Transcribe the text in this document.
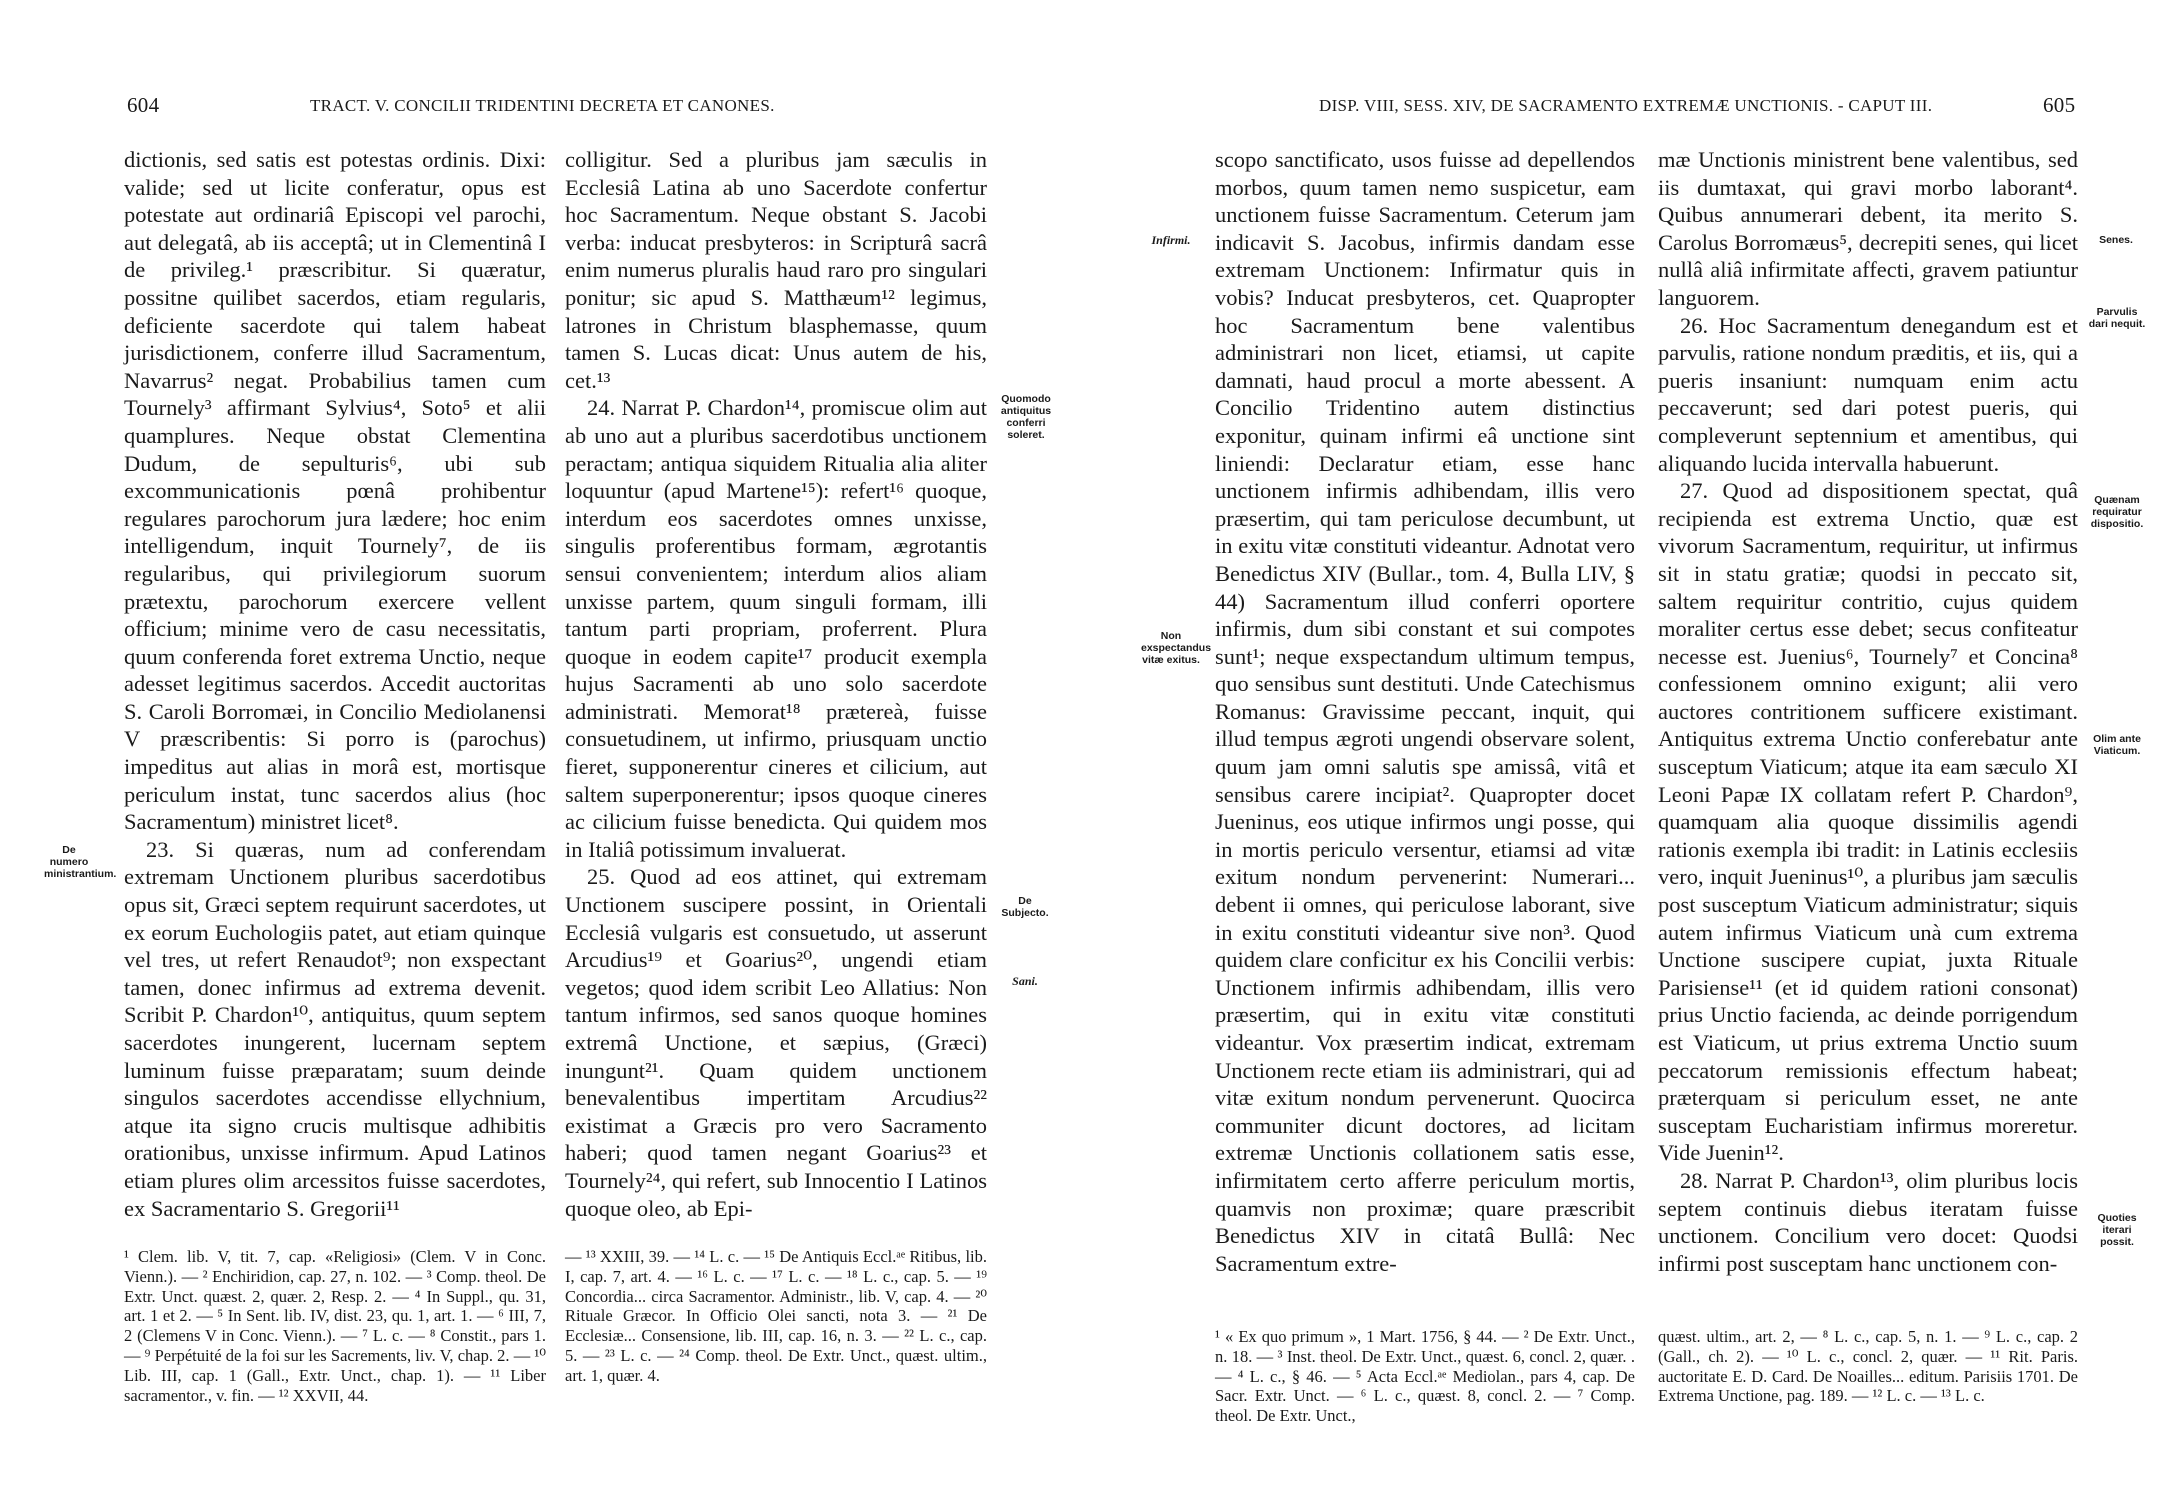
604	TRACT. V. CONCILII TRIDENTINI DECRETA ET CANONES.

dictionis, sed satis est potestas ordinis. Dixi: valide; sed ut licite conferatur, opus est potestate aut ordinariâ Episcopi vel parochi, aut delegatâ, ab iis acceptâ; ut in Clementinâ I de privileg.¹ præscribitur. Si quæratur, possitne quilibet sacerdos, etiam regularis, deficiente sacerdote qui talem habeat jurisdictionem, conferre illud Sacramentum, Navarrus² negat. Probabilius tamen cum Tournely³ affirmant Sylvius⁴, Soto⁵ et alii quamplures. Neque obstat Clementina Dudum, de sepulturis⁶, ubi sub excommunicationis pœnâ prohibentur regulares parochorum jura lædere; hoc enim intelligendum, inquit Tournely⁷, de iis regularibus, qui privilegiorum suorum prætextu, parochorum exercere vellent officium; minime vero de casu necessitatis, quum conferenda foret extrema Unctio, neque adesset legitimus sacerdos. Accedit auctoritas S. Caroli Borromæi, in Concilio Mediolanensi V præscribentis: Si porro is (parochus) impeditus aut alias in morâ est, mortisque periculum instat, tunc sacerdos alius (hoc Sacramentum) ministret licet⁸.

23. Si quæras, num ad conferendam extremam Unctionem pluribus sacerdotibus opus sit, Græci septem requirunt sacerdotes, ut ex eorum Euchologiis patet, aut etiam quinque vel tres, ut refert Renaudot⁹; non exspectant tamen, donec infirmus ad extrema devenit. Scribit P. Chardon¹⁰, antiquitus, quum septem sacerdotes inungerent, lucernam septem luminum fuisse præparatam; suum deinde singulos sacerdotes accendisse ellychnium, atque ita signo crucis multisque adhibitis orationibus, unxisse infirmum. Apud Latinos etiam plures olim arcessitos fuisse sacerdotes, ex Sacramentario S. Gregorii¹¹

¹ Clem. lib. V, tit. 7, cap. «Religiosi» (Clem. V in Conc. Vienn.). — ² Enchiridion, cap. 27, n. 102. — ³ Comp. theol. De Extr. Unct. quæst. 2, quær. 2, Resp. 2. — ⁴ In Suppl., qu. 31, art. 1 et 2. — ⁵ In Sent. lib. IV, dist. 23, qu. 1, art. 1. — ⁶ III, 7, 2 (Clemens V in Conc. Vienn.). — ⁷ L. c. — ⁸ Constit., pars 1. — ⁹ Perpétuité de la foi sur les Sacrements, liv. V, chap. 2. — ¹⁰ Lib. III, cap. 1 (Gall., Extr. Unct., chap. 1). — ¹¹ Liber sacramentor., v. fin. — ¹² XXVII, 44.

colligitur. Sed a pluribus jam sæculis in Ecclesiâ Latina ab uno Sacerdote confertur hoc Sacramentum. Neque obstant S. Jacobi verba: inducat presbyteros: in Scripturâ sacrâ enim numerus pluralis haud raro pro singulari ponitur; sic apud S. Matthæum¹² legimus, latrones in Christum blasphemasse, quum tamen S. Lucas dicat: Unus autem de his, cet.¹³

24. Narrat P. Chardon¹⁴, promiscue olim aut ab uno aut a pluribus sacerdotibus unctionem peractam; antiqua siquidem Ritualia alia aliter loquuntur (apud Martene¹⁵): refert¹⁶ quoque, interdum eos sacerdotes omnes unxisse, singulis proferentibus formam, ægrotantis sensui convenientem; interdum alios aliam unxisse partem, quum singuli formam, illi tantum parti propriam, proferrent. Plura quoque in eodem capite¹⁷ producit exempla hujus Sacramenti ab uno solo sacerdote administrati. Memorat¹⁸ prætereà, fuisse consuetudinem, ut infirmo, priusquam unctio fieret, supponerentur cineres et cilicium, aut saltem superponerentur; ipsos quoque cineres ac cilicium fuisse benedicta. Qui quidem mos in Italiâ potissimum invaluerat.

25. Quod ad eos attinet, qui extremam Unctionem suscipere possint, in Orientali Ecclesiâ vulgaris est consuetudo, ut asserunt Arcudius¹⁹ et Goarius²⁰, ungendi etiam vegetos; quod idem scribit Leo Allatius: Non tantum infirmos, sed sanos quoque homines extremâ Unctione, et sæpius, (Græci) inungunt²¹. Quam quidem unctionem benevalentibus impertitam Arcudius²² existimat a Græcis pro vero Sacramento haberi; quod tamen negant Goarius²³ et Tournely²⁴, qui refert, sub Innocentio I Latinos quoque oleo, ab Epi-

— ¹³ XXIII, 39. — ¹⁴ L. c. — ¹⁵ De Antiquis Eccl.ᵃᵉ Ritibus, lib. I, cap. 7, art. 4. — ¹⁶ L. c. — ¹⁷ L. c. — ¹⁸ L. c., cap. 5. — ¹⁹ Concordia... circa Sacramentor. Administr., lib. V, cap. 4. — ²⁰ Rituale Græcor. In Officio Olei sancti, nota 3. — ²¹ De Ecclesiæ... Consensione, lib. III, cap. 16, n. 3. — ²² L. c., cap. 5. — ²³ L. c. — ²⁴ Comp. theol. De Extr. Unct., quæst. ultim., art. 1, quær. 4.
De numero ministrantium.
Quomodo antiquitus conferri soleret.
De Subjecto.
Sani.
DISP. VIII, SESS. XIV, DE SACRAMENTO EXTREMÆ UNCTIONIS. - CAPUT III.	605

scopo sanctificato, usos fuisse ad depellendos morbos, quum tamen nemo suspicetur, eam unctionem fuisse Sacramentum. Ceterum jam indicavit S. Jacobus, infirmis dandam esse extremam Unctionem: Infirmatur quis in vobis? Inducat presbyteros, cet. Quapropter hoc Sacramentum bene valentibus administrari non licet, etiamsi, ut capite damnati, haud procul a morte abessent. A Concilio Tridentino autem distinctius exponitur, quinam infirmi eâ unctione sint liniendi: Declaratur etiam, esse hanc unctionem infirmis adhibendam, illis vero præsertim, qui tam periculose decumbunt, ut in exitu vitæ constituti videantur. Adnotat vero Benedictus XIV (Bullar., tom. 4, Bulla LIV, § 44) Sacramentum illud conferri oportere infirmis, dum sibi constant et sui compotes sunt¹; neque exspectandum ultimum tempus, quo sensibus sunt destituti. Unde Catechismus Romanus: Gravissime peccant, inquit, qui illud tempus ægroti ungendi observare solent, quum jam omni salutis spe amissâ, vitâ et sensibus carere incipiat². Quapropter docet Jueninus, eos utique infirmos ungi posse, qui in mortis periculo versentur, etiamsi ad vitæ exitum nondum pervenerint: Numerari... debent ii omnes, qui periculose laborant, sive in exitu constituti videantur sive non³. Quod quidem clare conficitur ex his Concilii verbis: Unctionem infirmis adhibendam, illis vero præsertim, qui in exitu vitæ constituti videantur. Vox præsertim indicat, extremam Unctionem recte etiam iis administrari, qui ad vitæ exitum nondum pervenerunt. Quocirca communiter dicunt doctores, ad licitam extremæ Unctionis collationem satis esse, infirmitatem certo afferre periculum mortis, quamvis non proximæ; quare præscribit Benedictus XIV in citatâ Bullâ: Nec Sacramentum extre-

¹ « Ex quo primum », 1 Mart. 1756, § 44. — ² De Extr. Unct., n. 18. — ³ Inst. theol. De Extr. Unct., quæst. 6, concl. 2, quær. . — ⁴ L. c., § 46. — ⁵ Acta Eccl.ᵃᵉ Mediolan., pars 4, cap. De Sacr. Extr. Unct. — ⁶ L. c., quæst. 8, concl. 2. — ⁷ Comp. theol. De Extr. Unct.,

mæ Unctionis ministrent bene valentibus, sed iis dumtaxat, qui gravi morbo laborant⁴. Quibus annumerari debent, ita merito S. Carolus Borromæus⁵, decrepiti senes, qui licet nullâ aliâ infirmitate affecti, gravem patiuntur languorem.

26. Hoc Sacramentum denegandum est et parvulis, ratione nondum præditis, et iis, qui a pueris insaniunt: numquam enim actu peccaverunt; sed dari potest pueris, qui compleverunt septennium et amentibus, qui aliquando lucida intervalla habuerunt.

27. Quod ad dispositionem spectat, quâ recipienda est extrema Unctio, quæ est vivorum Sacramentum, requiritur, ut infirmus sit in statu gratiæ; quodsi in peccato sit, saltem requiritur contritio, cujus quidem moraliter certus esse debet; secus confiteatur necesse est. Juenius⁶, Tournely⁷ et Concina⁸ confessionem omnino exigunt; alii vero auctores contritionem sufficere existimant. Antiquitus extrema Unctio conferebatur ante susceptum Viaticum; atque ita eam sæculo XI Leoni Papæ IX collatam refert P. Chardon⁹, quamquam alia quoque dissimilis agendi rationis exempla ibi tradit: in Latinis ecclesiis vero, inquit Jueninus¹⁰, a pluribus jam sæculis post susceptum Viaticum administratur; siquis autem infirmus Viaticum unà cum extrema Unctione suscipere cupiat, juxta Rituale Parisiense¹¹ (et id quidem rationi consonat) prius Unctio facienda, ac deinde porrigendum est Viaticum, ut prius extrema Unctio suum peccatorum remissionis effectum habeat; præterquam si periculum esset, ne ante susceptam Eucharistiam infirmus moreretur. Vide Juenin¹².

28. Narrat P. Chardon¹³, olim pluribus locis septem continuis diebus iteratam fuisse unctionem. Concilium vero docet: Quodsi infirmi post susceptam hanc unctionem con-

quæst. ultim., art. 2, — ⁸ L. c., cap. 5, n. 1. — ⁹ L. c., cap. 2 (Gall., ch. 2). — ¹⁰ L. c., concl. 2, quær. — ¹¹ Rit. Paris. auctoritate E. D. Card. De Noailles... editum. Parisiis 1701. De Extrema Unctione, pag. 189. — ¹² L. c. — ¹³ L. c.
Infirmi.
Non exspectandus vitæ exitus.
Senes.
Parvulis dari nequit.
Quænam requiratur dispositio.
Olim ante Viaticum.
Quoties iterari possit.
